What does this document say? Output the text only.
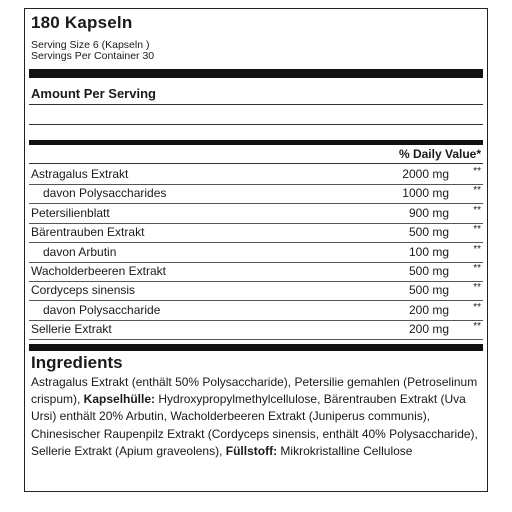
180 Kapseln
Serving Size 6 (Kapseln )
Servings Per Container 30
Amount Per Serving
% Daily Value*
Astragalus Extrakt	2000 mg **
davon Polysaccharides	1000 mg **
Petersilienblatt	900 mg **
Bärentrauben Extrakt	500 mg **
davon Arbutin	100 mg **
Wacholderbeeren Extrakt	500 mg **
Cordyceps sinensis	500 mg **
davon Polysaccharide	200 mg **
Sellerie Extrakt	200 mg **
Ingredients
Astragalus Extrakt (enthält 50% Polysaccharide), Petersilie gemahlen (Petroselinum crispum), Kapselhülle: Hydroxypropylmethylcellulose, Bärentrauben Extrakt (Uva Ursi) enthält 20% Arbutin, Wacholderbeeren Extrakt (Juniperus communis), Chinesischer Raupenpilz Extrakt (Cordyceps sinensis, enthält 40% Polysaccharide), Sellerie Extrakt (Apium graveolens), Füllstoff: Mikrokristalline Cellulose
